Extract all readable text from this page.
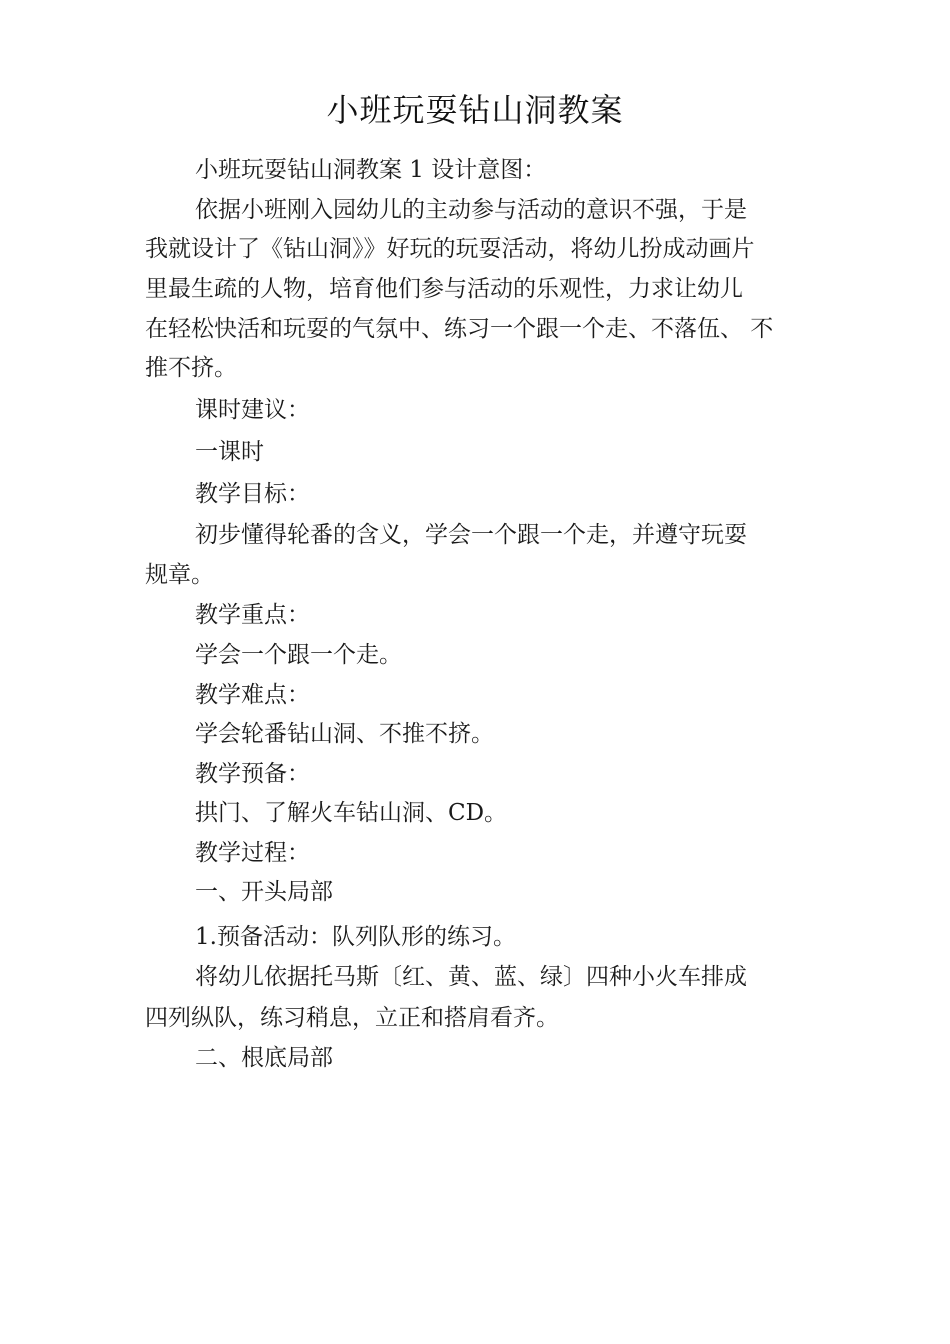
小班玩耍钻山洞教案
小班玩耍钻山洞教案 1 设计意图：
依据小班刚入园幼儿的主动参与活动的意识不强，于是
我就设计了《钻山洞》》好玩的玩耍活动，将幼儿扮成动画片
里最生疏的人物，培育他们参与活动的乐观性，力求让幼儿
在轻松快活和玩耍的气氛中、练习一个跟一个走、不落伍、 不
推不挤。
课时建议：
一课时
教学目标：
初步懂得轮番的含义，学会一个跟一个走，并遵守玩耍
规章。
教学重点：
学会一个跟一个走。
教学难点：
学会轮番钻山洞、不推不挤。
教学预备：
拱门、了解火车钻山洞、CD。
教学过程：
一、开头局部
1.预备活动：队列队形的练习。
将幼儿依据托马斯〔红、黄、蓝、绿〕四种小火车排成
四列纵队，练习稍息，立正和搭肩看齐。
二、根底局部
